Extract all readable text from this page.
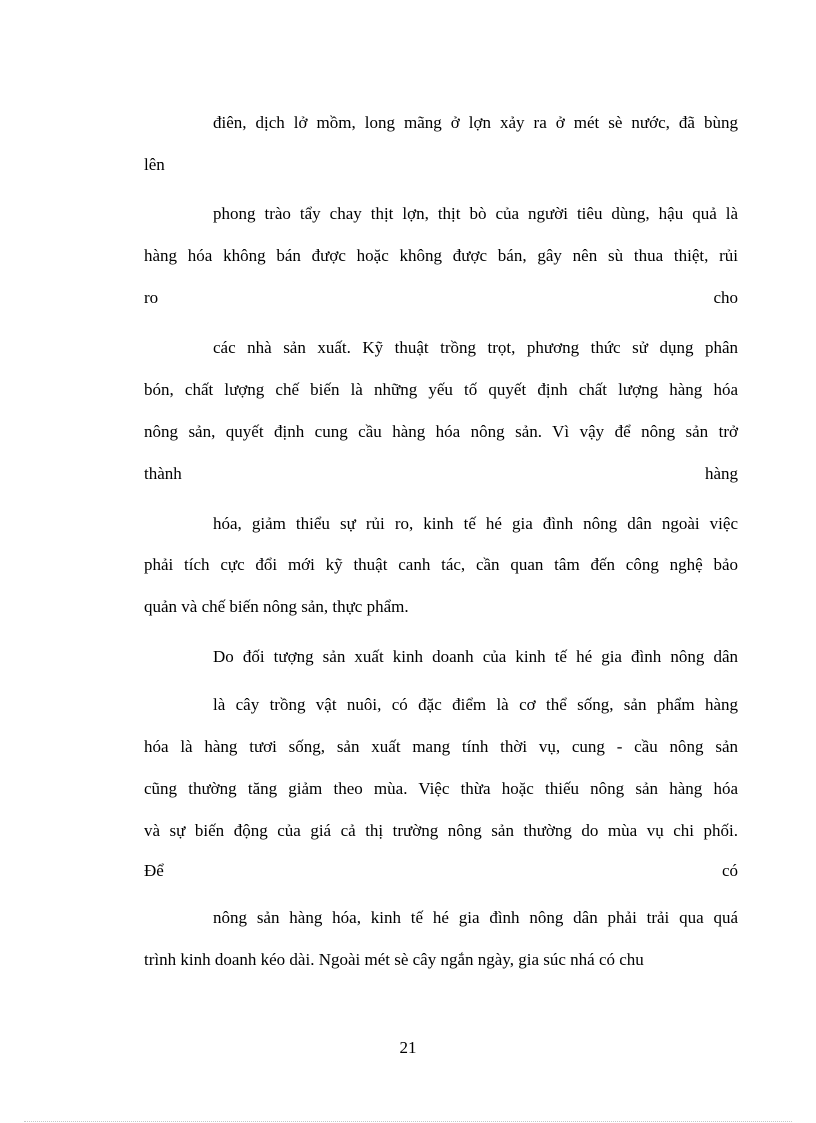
điên, dịch lở mồm, long mãng ở lợn xảy ra ở mét sè nước, đã bùng
lên
phong trào tẩy chay thịt lợn, thịt bò của người tiêu dùng, hậu quả là
hàng hóa không bán được hoặc không được bán, gây nên sù thua thiệt, rủi
ro	cho
các nhà sản xuất. Kỹ thuật trồng trọt, phương thức sử dụng phân
bón, chất lượng chế biến là những yếu tố quyết định chất lượng hàng hóa
nông sản, quyết định cung cầu hàng hóa nông sản. Vì vậy để nông sản trở
thành	hàng
hóa, giảm thiểu sự rủi ro, kinh tế hé gia đình nông dân ngoài việc
phải tích cực đổi mới kỹ thuật canh tác, cần quan tâm đến công nghệ bảo
quản và chế biến nông sản, thực phẩm.
Do đối tượng sản xuất kinh doanh của kinh tế hé gia đình nông dân
là cây trồng vật nuôi, có đặc điểm là cơ thể sống, sản phẩm hàng
hóa là hàng tươi sống, sản xuất mang tính thời vụ, cung - cầu nông sản
cũng thường tăng giảm theo mùa. Việc thừa hoặc thiếu nông sản hàng hóa
và sự biến động của giá cả thị trường nông sản thường do mùa vụ chi phối.
Để	có
nông sản hàng hóa, kinh tế hé gia đình nông dân phải trải qua quá
trình kinh doanh kéo dài. Ngoài mét sè cây ngắn ngày, gia súc nhá có chu
21
